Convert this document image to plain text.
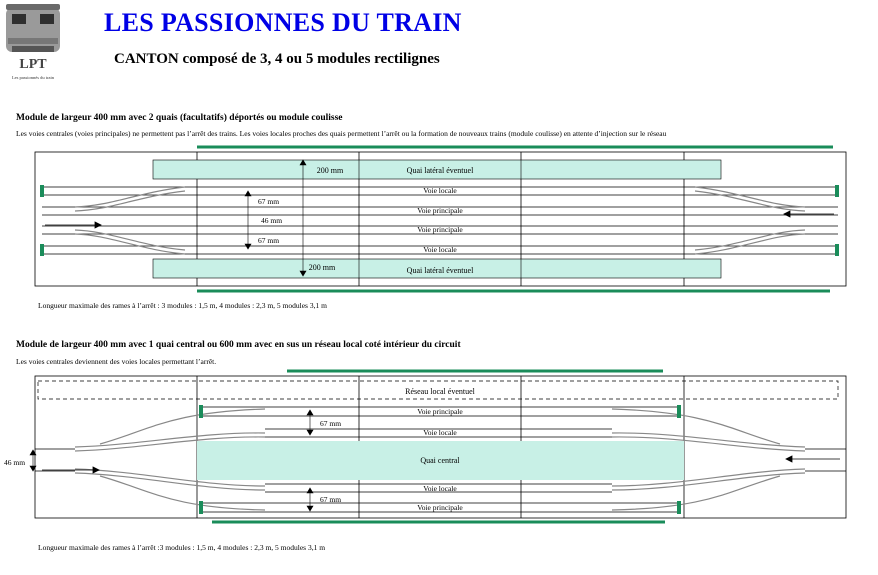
LPT
Les passionnés du train
LES PASSIONNES DU TRAIN
CANTON composé de 3, 4 ou 5 modules rectilignes
Module de largeur 400 mm avec 2 quais (facultatifs) déportés ou module coulisse
Les voies centrales (voies principales) ne permettent pas l’arrêt des trains. Les voies locales proches des quais permettent l’arrêt ou la formation de nouveaux trains (module coulisse) en attente d’injection sur le réseau
200 mm	Quai latéral éventuel
Voie locale
67 mm
Voie principale
46 mm
Voie principale
67 mm
Voie locale
200 mm	Quai latéral éventuel
Longueur maximale des rames à l’arrêt : 3 modules : 1,5 m, 4 modules : 2,3 m, 5 modules 3,1 m
Module de largeur 400 mm avec 1 quai central ou 600 mm avec en sus un réseau local coté intérieur du circuit
Les voies centrales deviennent des voies locales permettant l’arrêt.
Réseau local éventuel
Voie principale
67 mm
Voie locale
Quai central
46 mm
Voie locale
67 mm
Voie principale
Longueur maximale des rames à l’arrêt :3 modules : 1,5 m, 4 modules : 2,3 m, 5 modules 3,1 m
